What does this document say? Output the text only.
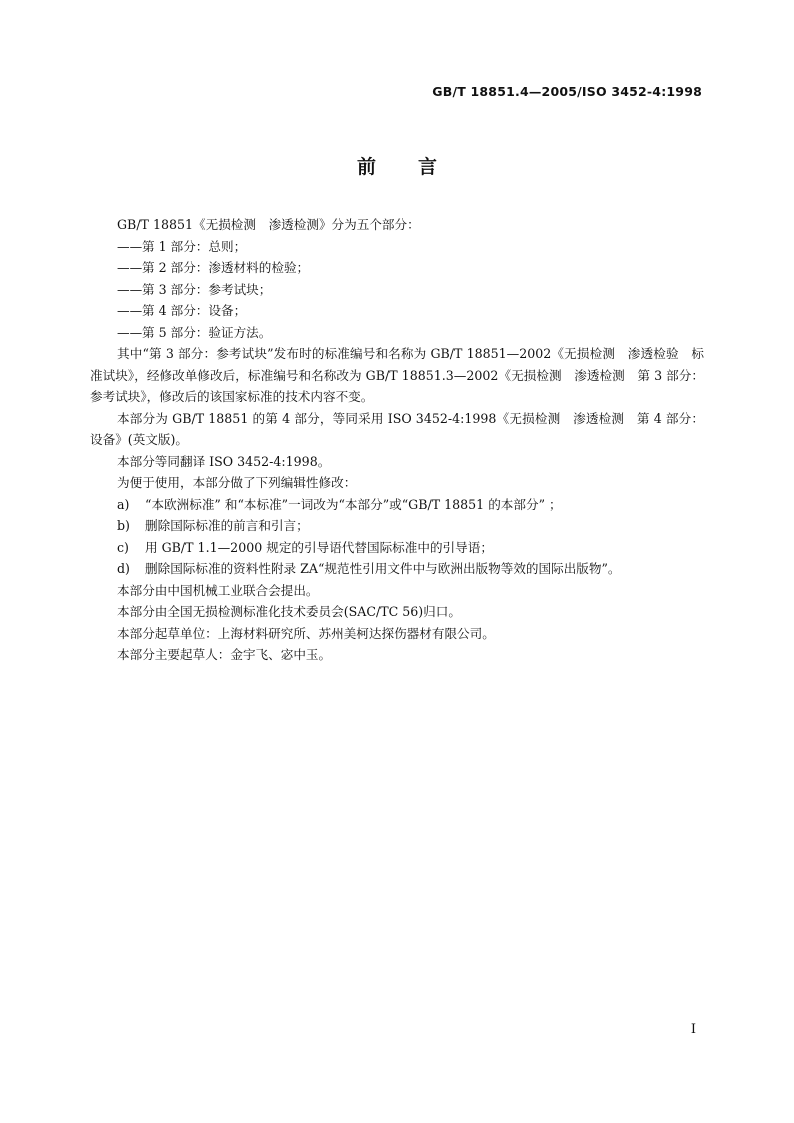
GB/T 18851.4—2005/ISO 3452-4:1998
前言

GB/T 18851《无损检测　渗透检测》分为五个部分：

——第 1 部分：总则；

——第 2 部分：渗透材料的检验；

——第 3 部分：参考试块；

——第 4 部分：设备；

——第 5 部分：验证方法。

其中“第 3 部分：参考试块”发布时的标准编号和名称为 GB/T 18851—2002《无损检测　渗透检验　标准试块》，经修改单修改后，标准编号和名称改为 GB/T 18851.3—2002《无损检测　渗透检测　第 3 部分：参考试块》，修改后的该国家标准的技术内容不变。

本部分为 GB/T 18851 的第 4 部分，等同采用 ISO 3452-4:1998《无损检测　渗透检测　第 4 部分：设备》(英文版)。

本部分等同翻译 ISO 3452-4:1998。

为便于使用，本部分做了下列编辑性修改：

a) “本欧洲标准” 和“本标准”一词改为“本部分”或“GB/T 18851 的本部分” ；

b) 删除国际标准的前言和引言；

c) 用 GB/T 1.1—2000 规定的引导语代替国际标准中的引导语；

d) 删除国际标准的资料性附录 ZA“规范性引用文件中与欧洲出版物等效的国际出版物”。

本部分由中国机械工业联合会提出。

本部分由全国无损检测标准化技术委员会(SAC/TC 56)归口。

本部分起草单位：上海材料研究所、苏州美柯达探伤器材有限公司。

本部分主要起草人：金宇飞、宓中玉。

I
